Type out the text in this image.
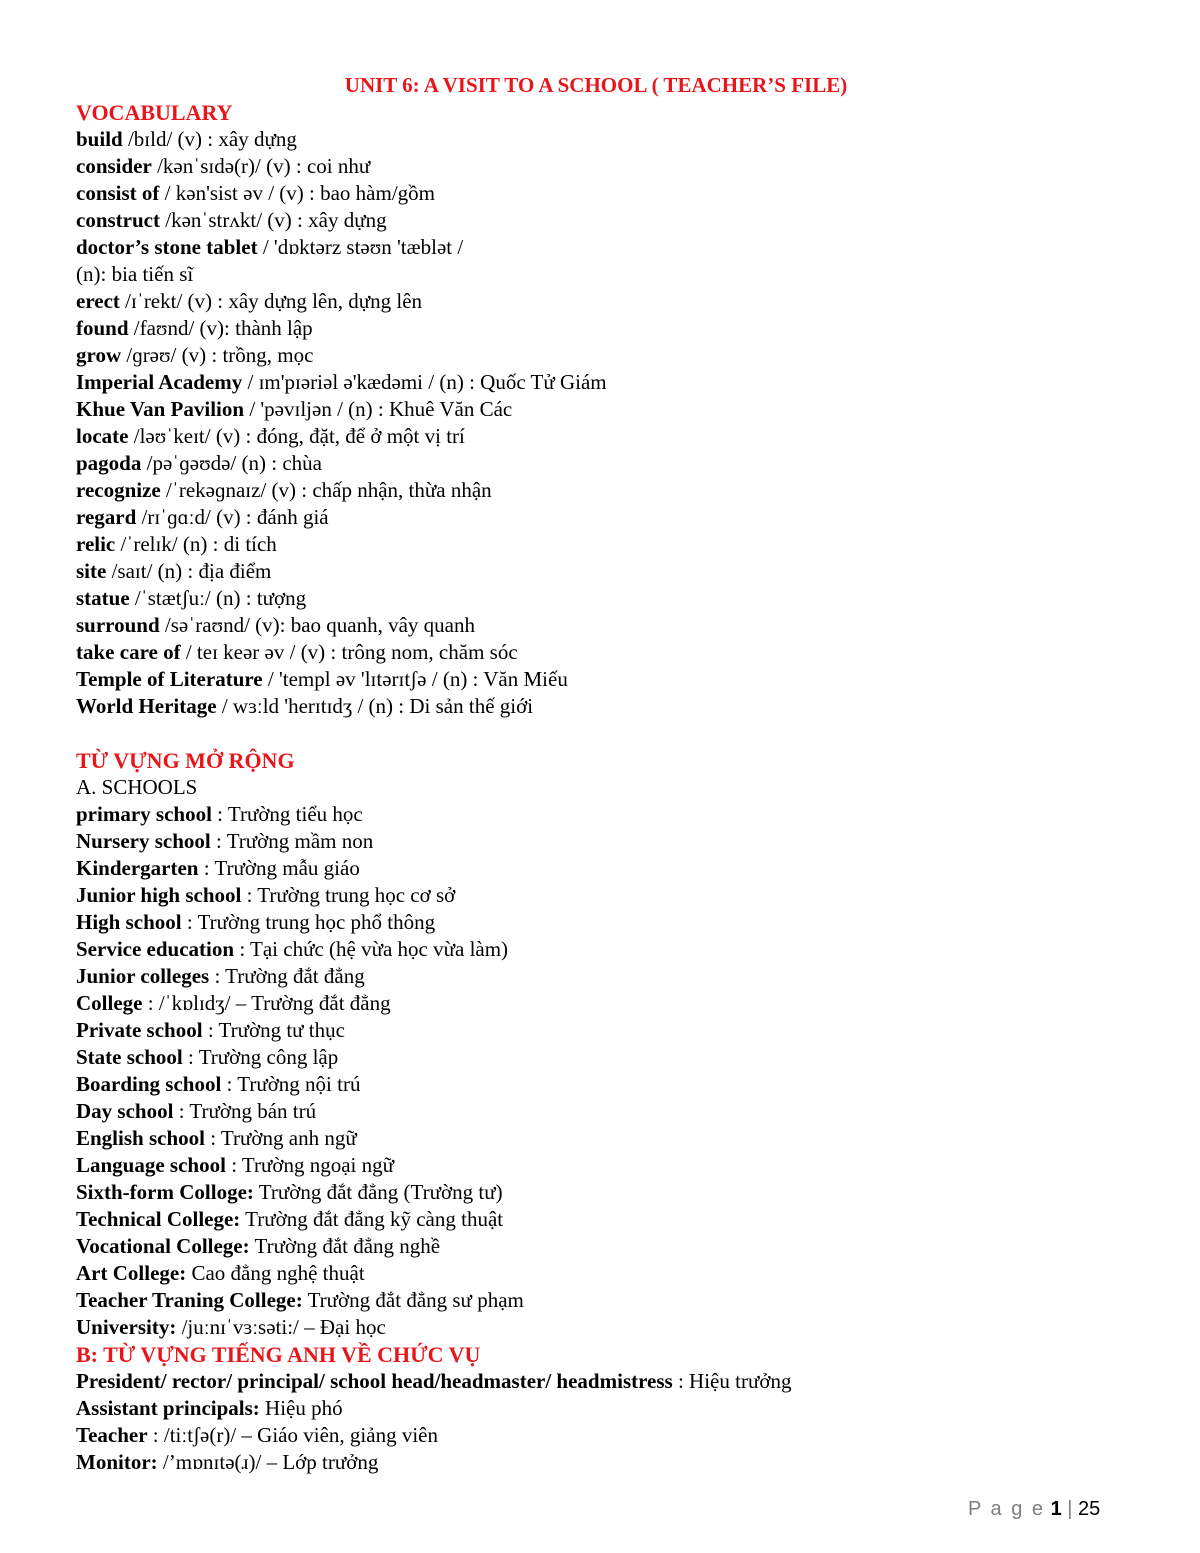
UNIT 6: A VISIT TO A SCHOOL ( TEACHER’S FILE)
VOCABULARY
build /bɪld/ (v) : xây dựng
consider /kənˈsɪdə(r)/ (v) : coi như
consist of / kən'sist əv / (v) : bao hàm/gồm
construct /kənˈstrʌkt/ (v) : xây dựng
doctor’s stone tablet / 'dɒktərz stəʊn 'tæblət /
(n): bia tiến sĩ
erect /ɪˈrekt/ (v) : xây dựng lên, dựng lên
found /faʊnd/ (v): thành lập
grow /ɡrəʊ/ (v) : trồng, mọc
Imperial Academy / ɪm'pɪəriəl ə'kædəmi / (n) : Quốc Tử Giám
Khue Van Pavilion / 'pəvɪljən / (n) : Khuê Văn Các
locate /ləʊˈkeɪt/ (v) : đóng, đặt, để ở một vị trí
pagoda /pəˈɡəʊdə/ (n) : chùa
recognize /ˈrekəɡnaɪz/ (v) : chấp nhận, thừa nhận
regard /rɪˈɡɑːd/ (v) : đánh giá
relic /ˈrelɪk/ (n) : di tích
site /saɪt/ (n) : địa điểm
statue /ˈstætʃuː/ (n) : tượng
surround /səˈraʊnd/ (v): bao quanh, vây quanh
take care of / teɪ keər əv / (v) : trông nom, chăm sóc
Temple of Literature / 'templ əv 'lɪtərɪtʃə / (n) : Văn Miếu
World Heritage / wɜːld 'herɪtɪdʒ / (n) : Di sản thế giới
TỪ VỰNG MỞ RỘNG
A. SCHOOLS
primary school : Trường tiểu học
Nursery school : Trường mầm non
Kindergarten : Trường mẫu giáo
Junior high school : Trường trung học cơ sở
High school : Trường trung học phổ thông
Service education : Tại chức (hệ vừa học vừa làm)
Junior colleges : Trường đắt đẳng
College : /ˈkɒlɪdʒ/ – Trường đắt đẳng
Private school : Trường tư thục
State school : Trường công lập
Boarding school : Trường nội trú
Day school : Trường bán trú
English school : Trường anh ngữ
Language school : Trường ngoại ngữ
Sixth-form Colloge: Trường đắt đẳng (Trường tư)
Technical College: Trường đắt đẳng kỹ càng thuật
Vocational College: Trường đắt đẳng nghề
Art College: Cao đẳng nghệ thuật
Teacher Traning College: Trường đắt đẳng sư phạm
University: /juːnɪˈvɜːsəti:/ – Đại học
B: TỪ VỰNG TIẾNG ANH VỀ CHỨC VỤ
President/ rector/ principal/ school head/headmaster/ headmistress : Hiệu trưởng
Assistant principals: Hiệu phó
Teacher : /tiːtʃə(r)/ – Giáo viên, giảng viên
Monitor: /’mɒnɪtə(ɹ)/ – Lớp trưởng
P a g e 1 | 25
